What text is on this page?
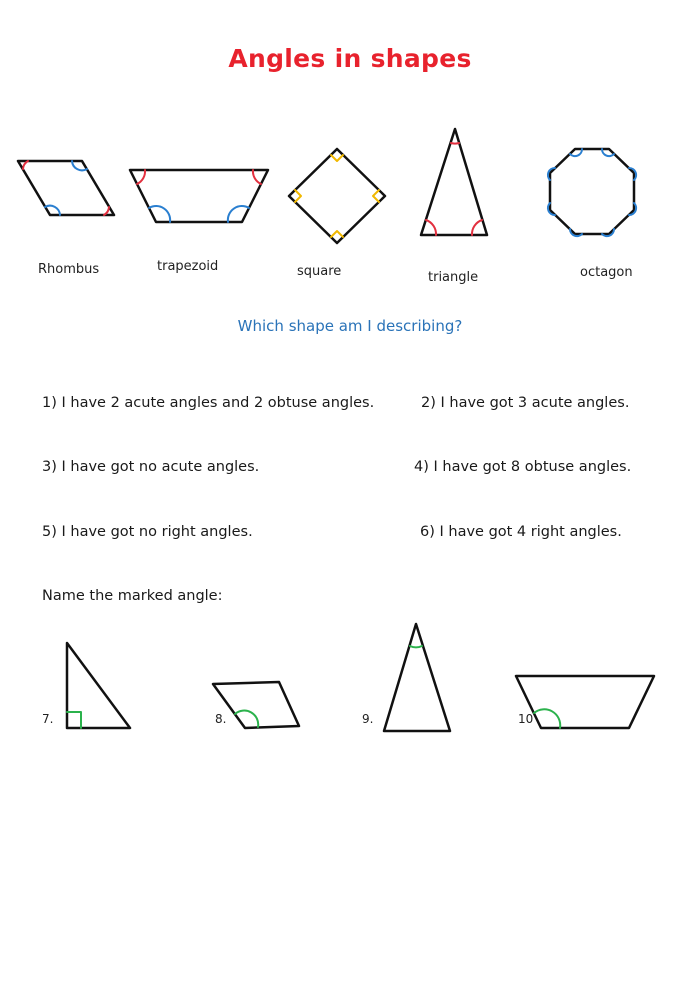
Angles in shapes
Rhombus	trapezoid	square	triangle	octagon
Which shape am I describing?
1) I have 2 acute angles and 2 obtuse angles.	2) I have got 3 acute angles.
3) I have got no acute angles.	4) I have got 8 obtuse angles.
5) I have got no right angles.	6) I have got 4 right angles.
Name the marked angle:
7.	8.	9.	10
